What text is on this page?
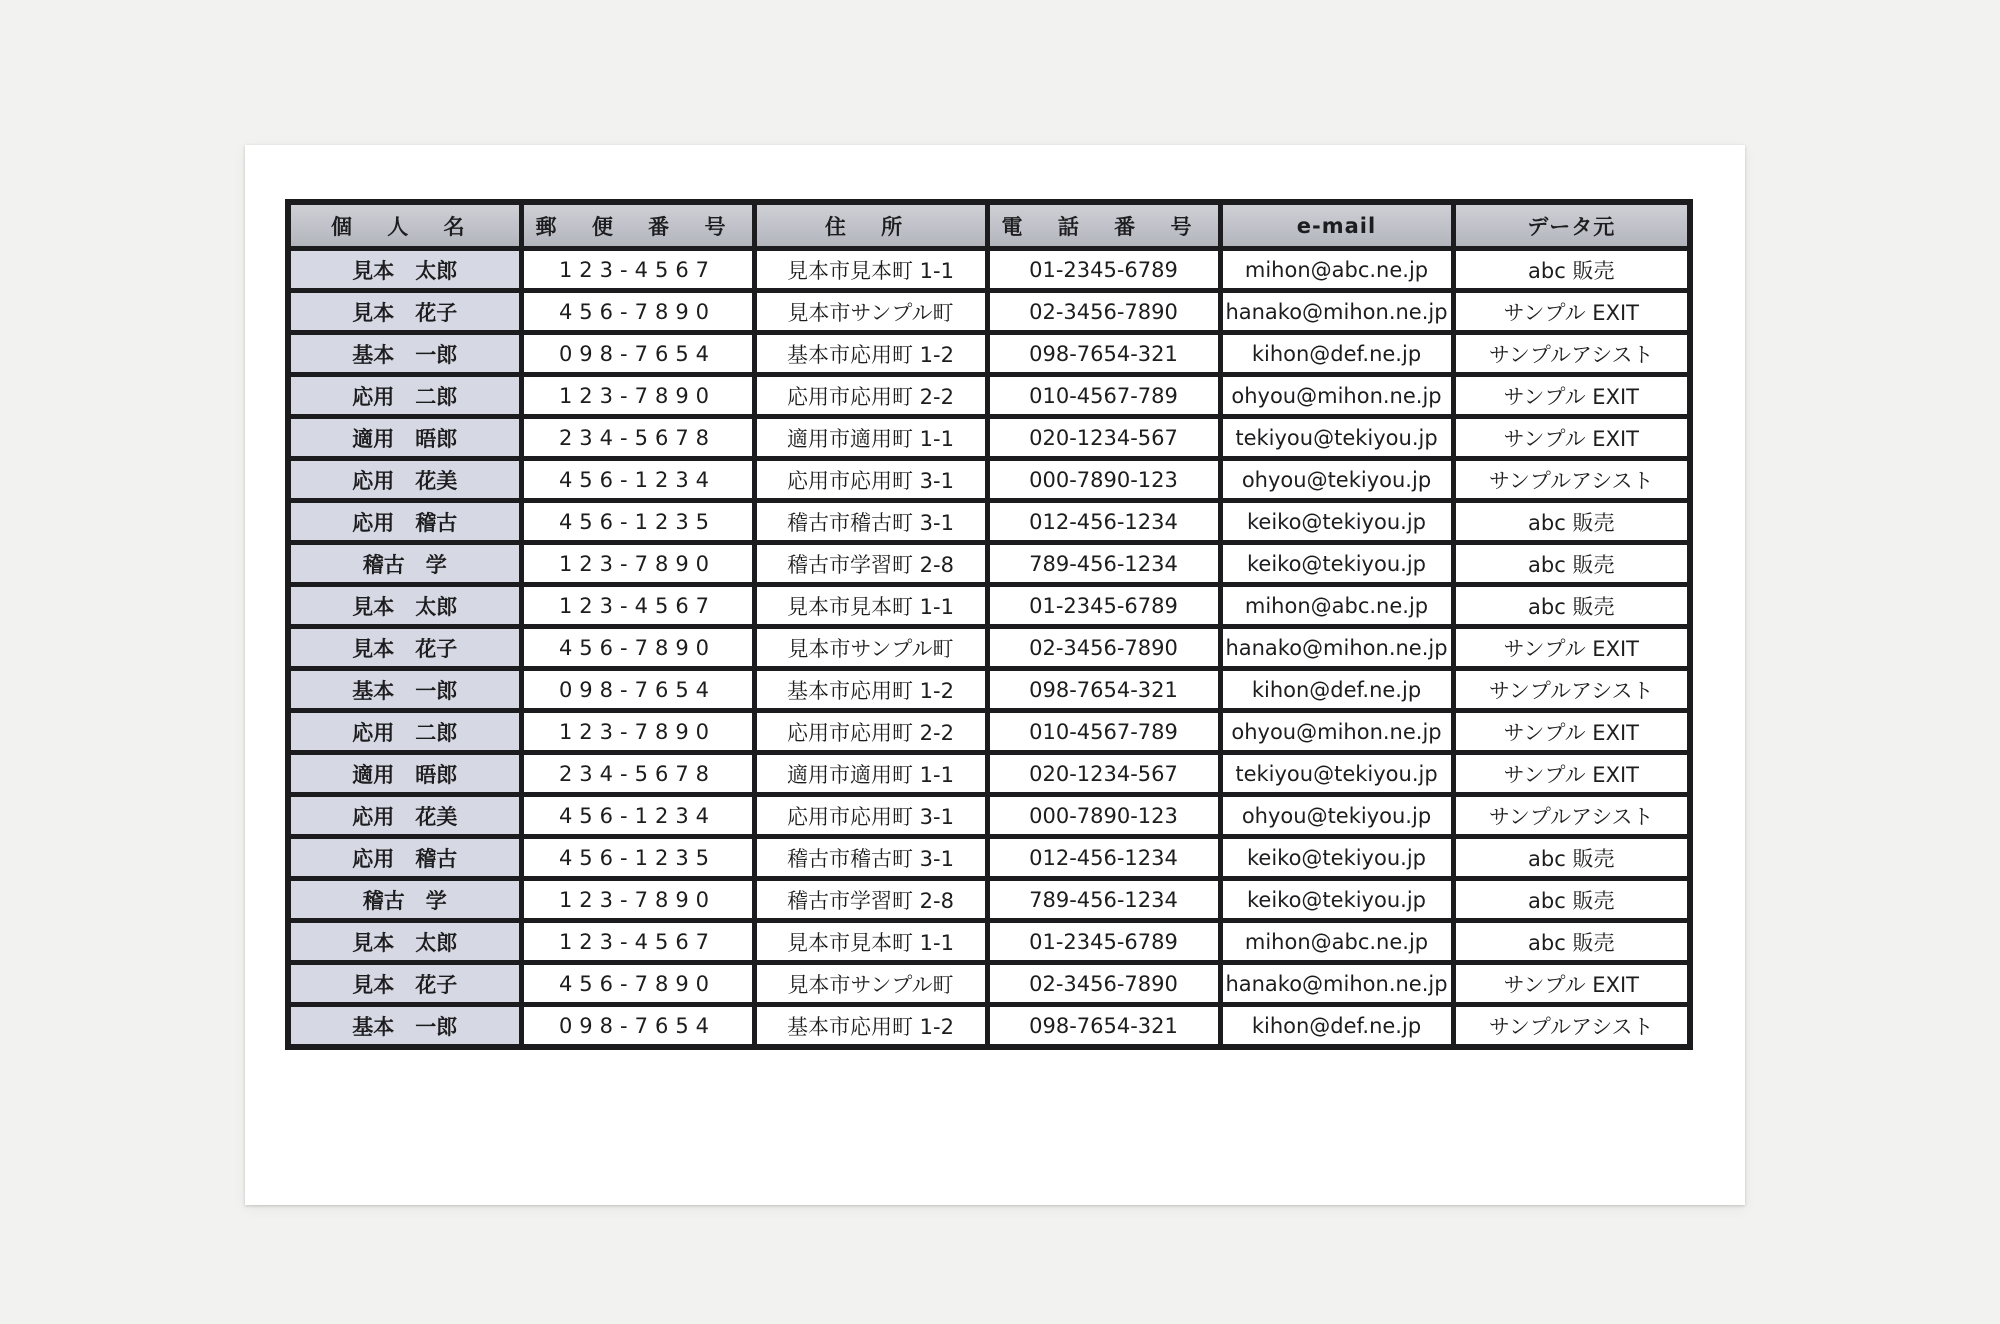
個 人 名	郵 便 番 号	住 所	電 話 番 号	e-mail	データ元
見本　太郎	123-4567	見本市見本町 1-1	01-2345-6789	mihon@abc.ne.jp	abc 販売
見本　花子	456-7890	見本市サンプル町	02-3456-7890	hanako@mihon.ne.jp	サンプル EXIT
基本　一郎	098-7654	基本市応用町 1-2	098-7654-321	kihon@def.ne.jp	サンプルアシスト
応用　二郎	123-7890	応用市応用町 2-2	010-4567-789	ohyou@mihon.ne.jp	サンプル EXIT
適用　晤郎	234-5678	適用市適用町 1-1	020-1234-567	tekiyou@tekiyou.jp	サンプル EXIT
応用　花美	456-1234	応用市応用町 3-1	000-7890-123	ohyou@tekiyou.jp	サンプルアシスト
応用　稽古	456-1235	稽古市稽古町 3-1	012-456-1234	keiko@tekiyou.jp	abc 販売
稽古　学	123-7890	稽古市学習町 2-8	789-456-1234	keiko@tekiyou.jp	abc 販売
見本　太郎	123-4567	見本市見本町 1-1	01-2345-6789	mihon@abc.ne.jp	abc 販売
見本　花子	456-7890	見本市サンプル町	02-3456-7890	hanako@mihon.ne.jp	サンプル EXIT
基本　一郎	098-7654	基本市応用町 1-2	098-7654-321	kihon@def.ne.jp	サンプルアシスト
応用　二郎	123-7890	応用市応用町 2-2	010-4567-789	ohyou@mihon.ne.jp	サンプル EXIT
適用　晤郎	234-5678	適用市適用町 1-1	020-1234-567	tekiyou@tekiyou.jp	サンプル EXIT
応用　花美	456-1234	応用市応用町 3-1	000-7890-123	ohyou@tekiyou.jp	サンプルアシスト
応用　稽古	456-1235	稽古市稽古町 3-1	012-456-1234	keiko@tekiyou.jp	abc 販売
稽古　学	123-7890	稽古市学習町 2-8	789-456-1234	keiko@tekiyou.jp	abc 販売
見本　太郎	123-4567	見本市見本町 1-1	01-2345-6789	mihon@abc.ne.jp	abc 販売
見本　花子	456-7890	見本市サンプル町	02-3456-7890	hanako@mihon.ne.jp	サンプル EXIT
基本　一郎	098-7654	基本市応用町 1-2	098-7654-321	kihon@def.ne.jp	サンプルアシスト
